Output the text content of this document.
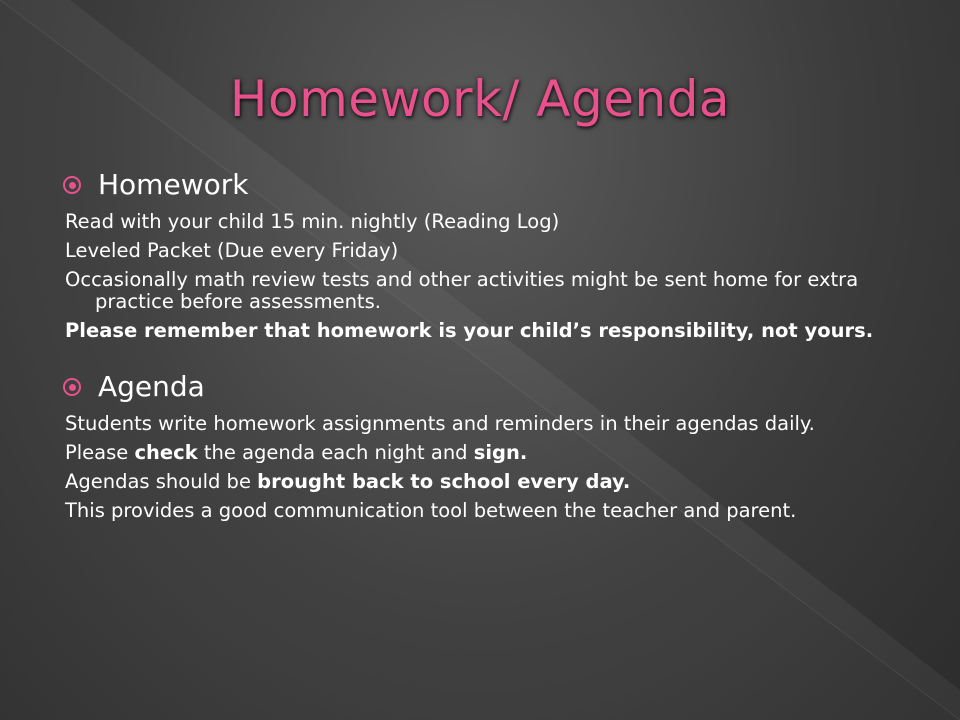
Homework/ Agenda
Homework

Read with your child 15 min. nightly (Reading Log)

Leveled Packet (Due every Friday)

Occasionally math review tests and other activities might be sent home for extra practice before assessments.

Please remember that homework is your child’s responsibility, not yours.

Agenda

Students write homework assignments and reminders in their agendas daily.

Please check the agenda each night and sign.

Agendas should be brought back to school every day.

This provides a good communication tool between the teacher and parent.
